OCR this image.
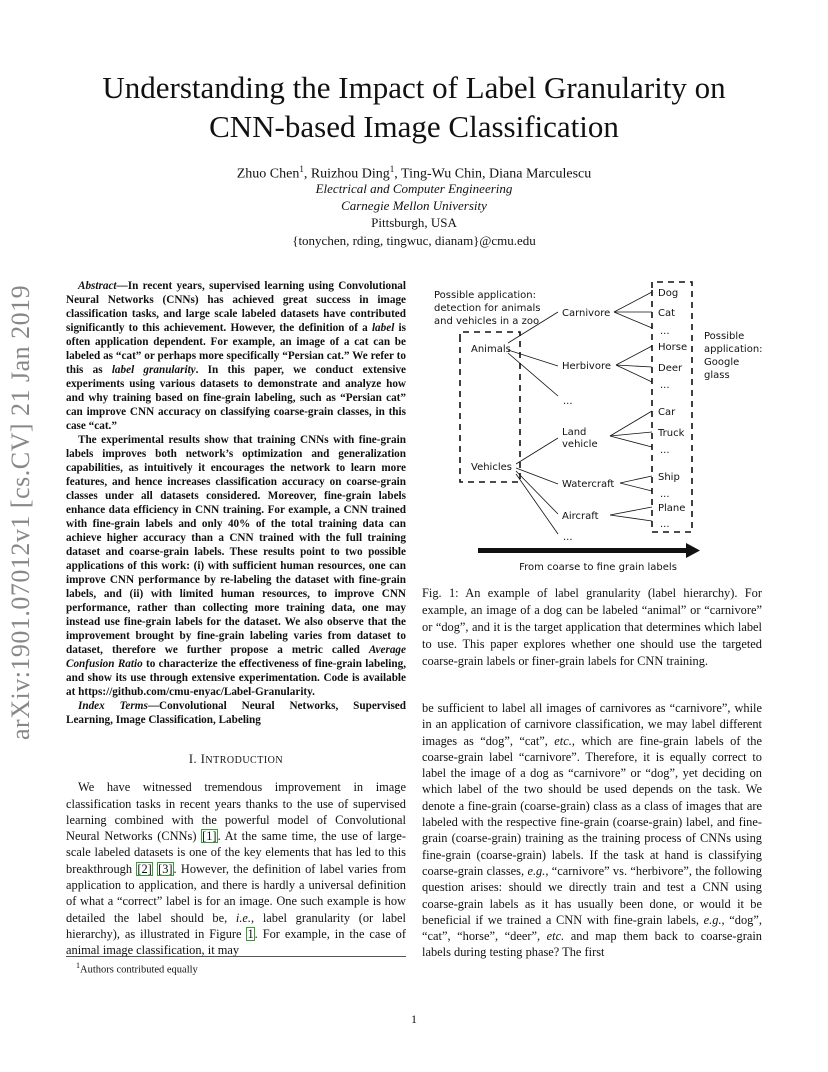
arXiv:1901.07012v1 [cs.CV] 21 Jan 2019
Understanding the Impact of Label Granularity on
CNN-based Image Classification
Zhuo Chen$^1$, Ruizhou Ding$^1$, Ting-Wu Chin, Diana Marculescu
Electrical and Computer Engineering
Carnegie Mellon University
Pittsburgh, USA
{tonychen, rding, tingwuc, dianam}@cmu.edu

Abstract—In recent years, supervised learning using Convolutional Neural Networks (CNNs) has achieved great success in image classification tasks, and large scale labeled datasets have contributed significantly to this achievement. However, the definition of a label is often application dependent. For example, an image of a cat can be labeled as “cat” or perhaps more specifically “Persian cat.” We refer to this as label granularity. In this paper, we conduct extensive experiments using various datasets to demonstrate and analyze how and why training based on fine-grain labeling, such as “Persian cat” can improve CNN accuracy on classifying coarse-grain classes, in this case “cat.”

The experimental results show that training CNNs with fine-grain labels improves both network’s optimization and generalization capabilities, as intuitively it encourages the network to learn more features, and hence increases classification accuracy on coarse-grain classes under all datasets considered. Moreover, fine-grain labels enhance data efficiency in CNN training. For example, a CNN trained with fine-grain labels and only 40% of the total training data can achieve higher accuracy than a CNN trained with the full training dataset and coarse-grain labels. These results point to two possible applications of this work: (i) with sufficient human resources, one can improve CNN performance by re-labeling the dataset with fine-grain labels, and (ii) with limited human resources, to improve CNN performance, rather than collecting more training data, one may instead use fine-grain labels for the dataset. We also observe that the improvement brought by fine-grain labeling varies from dataset to dataset, therefore we further propose a metric called Average Confusion Ratio to characterize the effectiveness of fine-grain labeling, and show its use through extensive experimentation. Code is available at https://github.com/cmu-enyac/Label-Granularity.

Index Terms—Convolutional Neural Networks, Supervised Learning, Image Classification, Labeling

I. INTRODUCTION

We have witnessed tremendous improvement in image classification tasks in recent years thanks to the use of supervised learning combined with the powerful model of Convolutional Neural Networks (CNNs) [1]. At the same time, the use of large-scale labeled datasets is one of the key elements that has led to this breakthrough [2] [3]. However, the definition of label varies from application to application, and there is hardly a universal definition of what a “correct” label is for an image. One such example is how detailed the label should be, i.e., label granularity (or label hierarchy), as illustrated in Figure 1. For example, in the case of animal image classification, it may

$^1$Authors contributed equally
Possible application:
detection for animals
and vehicles in a zoo
Animals
Vehicles
Carnivore
Herbivore
...
Land
vehicle
Watercraft
Aircraft
...
Dog
Cat
...
Horse
Deer
...
Car
Truck
...
Ship
...
Plane
...
Possible
application:
Google
glass
From coarse to fine grain labels
Fig. 1: An example of label granularity (label hierarchy). For example, an image of a dog can be labeled “animal” or “carnivore” or “dog”, and it is the target application that determines which label to use. This paper explores whether one should use the targeted coarse-grain labels or finer-grain labels for CNN training.

be sufficient to label all images of carnivores as “carnivore”, while in an application of carnivore classification, we may label different images as “dog”, “cat”, etc., which are fine-grain labels of the coarse-grain label “carnivore”. Therefore, it is equally correct to label the image of a dog as “carnivore” or “dog”, yet deciding on which label of the two should be used depends on the task. We denote a fine-grain (coarse-grain) class as a class of images that are labeled with the respective fine-grain (coarse-grain) label, and fine-grain (coarse-grain) training as the training process of CNNs using fine-grain (coarse-grain) labels. If the task at hand is classifying coarse-grain classes, e.g., “carnivore” vs. “herbivore”, the following question arises: should we directly train and test a CNN using coarse-grain labels as it has usually been done, or would it be beneficial if we trained a CNN with fine-grain labels, e.g., “dog”, “cat”, “horse”, “deer”, etc. and map them back to coarse-grain labels during testing phase? The first

1
